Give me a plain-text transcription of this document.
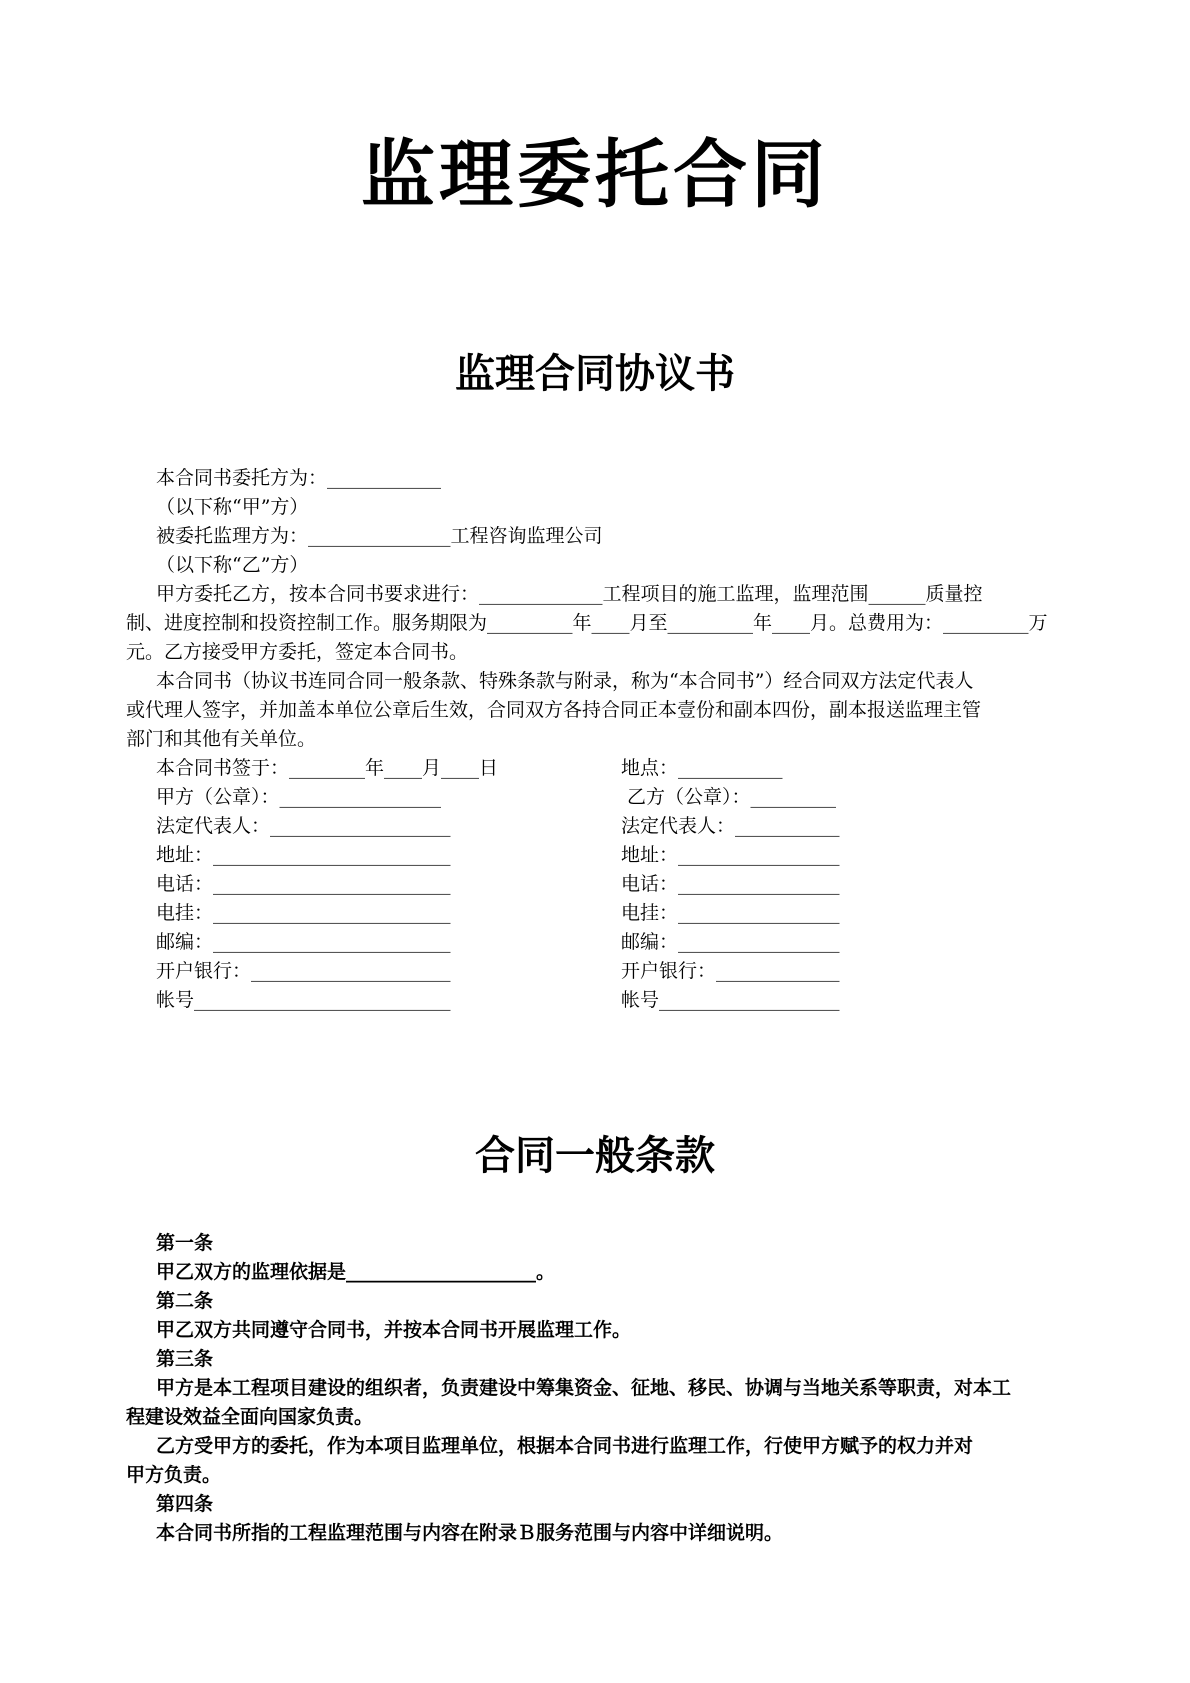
监理委托合同
监理合同协议书
本合同书委托方为：____________
（以下称“甲”方）
被委托监理方为：_______________工程咨询监理公司
（以下称“乙”方）
甲方委托乙方，按本合同书要求进行：_____________工程项目的施工监理，监理范围______质量控
制、进度控制和投资控制工作。服务期限为_________年____月至_________年____月。总费用为：_________万
元。乙方接受甲方委托，签定本合同书。
本合同书（协议书连同合同一般条款、特殊条款与附录，称为“本合同书”）经合同双方法定代表人
或代理人签字，并加盖本单位公章后生效，合同双方各持合同正本壹份和副本四份，副本报送监理主管
部门和其他有关单位。
本合同书签于：________年____月____日
甲方（公章）：_________________
法定代表人：___________________
地址：_________________________
电话：_________________________
电挂：_________________________
邮编：_________________________
开户银行：_____________________
帐号___________________________
地点：___________
乙方（公章）：_________
法定代表人：___________
地址：_________________
电话：_________________
电挂：_________________
邮编：_________________
开户银行：_____________
帐号___________________
合同一般条款
第一条
甲乙双方的监理依据是____________________。
第二条
甲乙双方共同遵守合同书，并按本合同书开展监理工作。
第三条
甲方是本工程项目建设的组织者，负责建设中筹集资金、征地、移民、协调与当地关系等职责，对本工
程建设效益全面向国家负责。
乙方受甲方的委托，作为本项目监理单位，根据本合同书进行监理工作，行使甲方赋予的权力并对
甲方负责。
第四条
本合同书所指的工程监理范围与内容在附录Ｂ服务范围与内容中详细说明。
